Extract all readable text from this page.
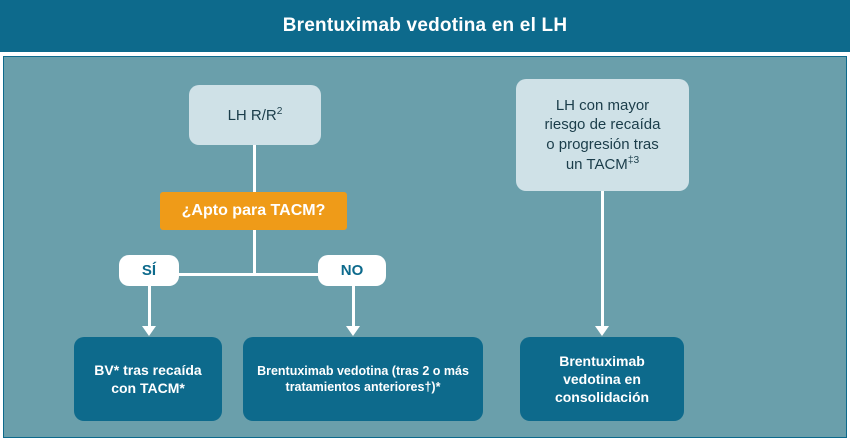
Brentuximab vedotina en el LH
LH $R/R^2$
¿Apto para TACM?
SÍ	NO
BV* tras recaída con TACM*
Brentuximab vedotina (tras 2 o más tratamientos anteriores†)*
LH con mayor
riesgo de recaída
o progresión tras
un TACM$^{\ddagger 3}$
Brentuximab vedotina en consolidación
